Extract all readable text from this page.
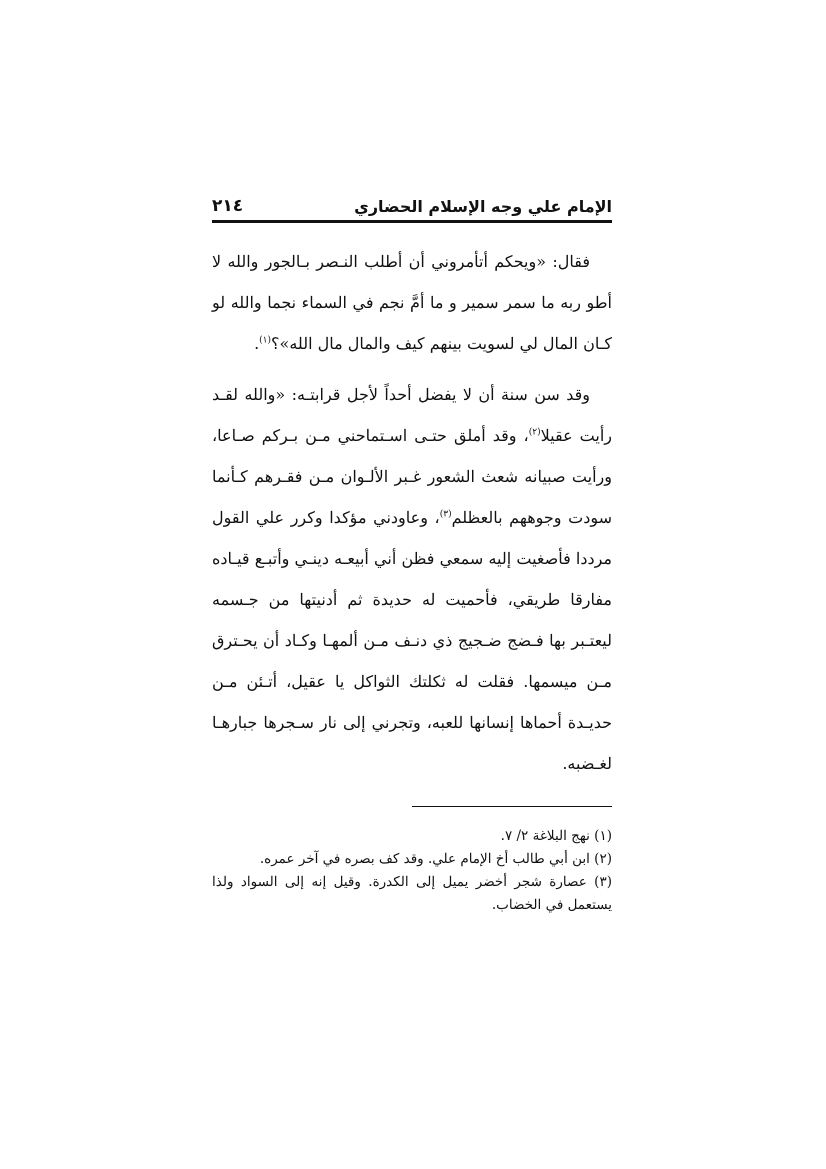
الإمام علي وجه الإسلام الحضاري
٢١٤

فقال: «ويحكم أتأمروني أن أطلب النـصر بـالجور والله لا أطو ربه ما سمر سمير و ما أمَّ نجم في السماء نجما والله لو كـان المال لي لسويت بينهم كيف والمال مال الله»؟$^{(١)}$.

وقد سن سنة أن لا يفضل أحداً لأجل قرابتـه: «والله لقـد رأيت عقيلا$^{(٢)}$، وقد أملق حتـى اسـتماحني مـن بـركم صـاعا، ورأيت صبيانه شعث الشعور غـبر الألـوان مـن فقـرهم كـأنما سودت وجوههم بالعظلم$^{(٣)}$، وعاودني مؤكدا وكرر علي القول مرددا فأصغيت إليه سمعي فظن أني أبيعـه دينـي وأتبـع قيـاده مفارقا طريقي، فأحميت له حديدة ثم أدنيتها من جـسمه ليعتـبر بها فـضج ضـجيج ذي دنـف مـن ألمهـا وكـاد أن يحـترق مـن ميسمها. فقلت له ثكلتك الثواكل يا عقيل، أتـئن مـن حديـدة أحماها إنسانها للعبه، وتجرني إلى نار سـجرها جبارهـا لغـضبه.

(١) نهج البلاغة ٢/ ٧.

(٢) ابن أبي طالب أخ الإمام علي. وقد كف بصره في آخر عمره.

(٣) عصارة شجر أخضر يميل إلى الكدرة. وقيل إنه إلى السواد ولذا يستعمل في الخضاب.
